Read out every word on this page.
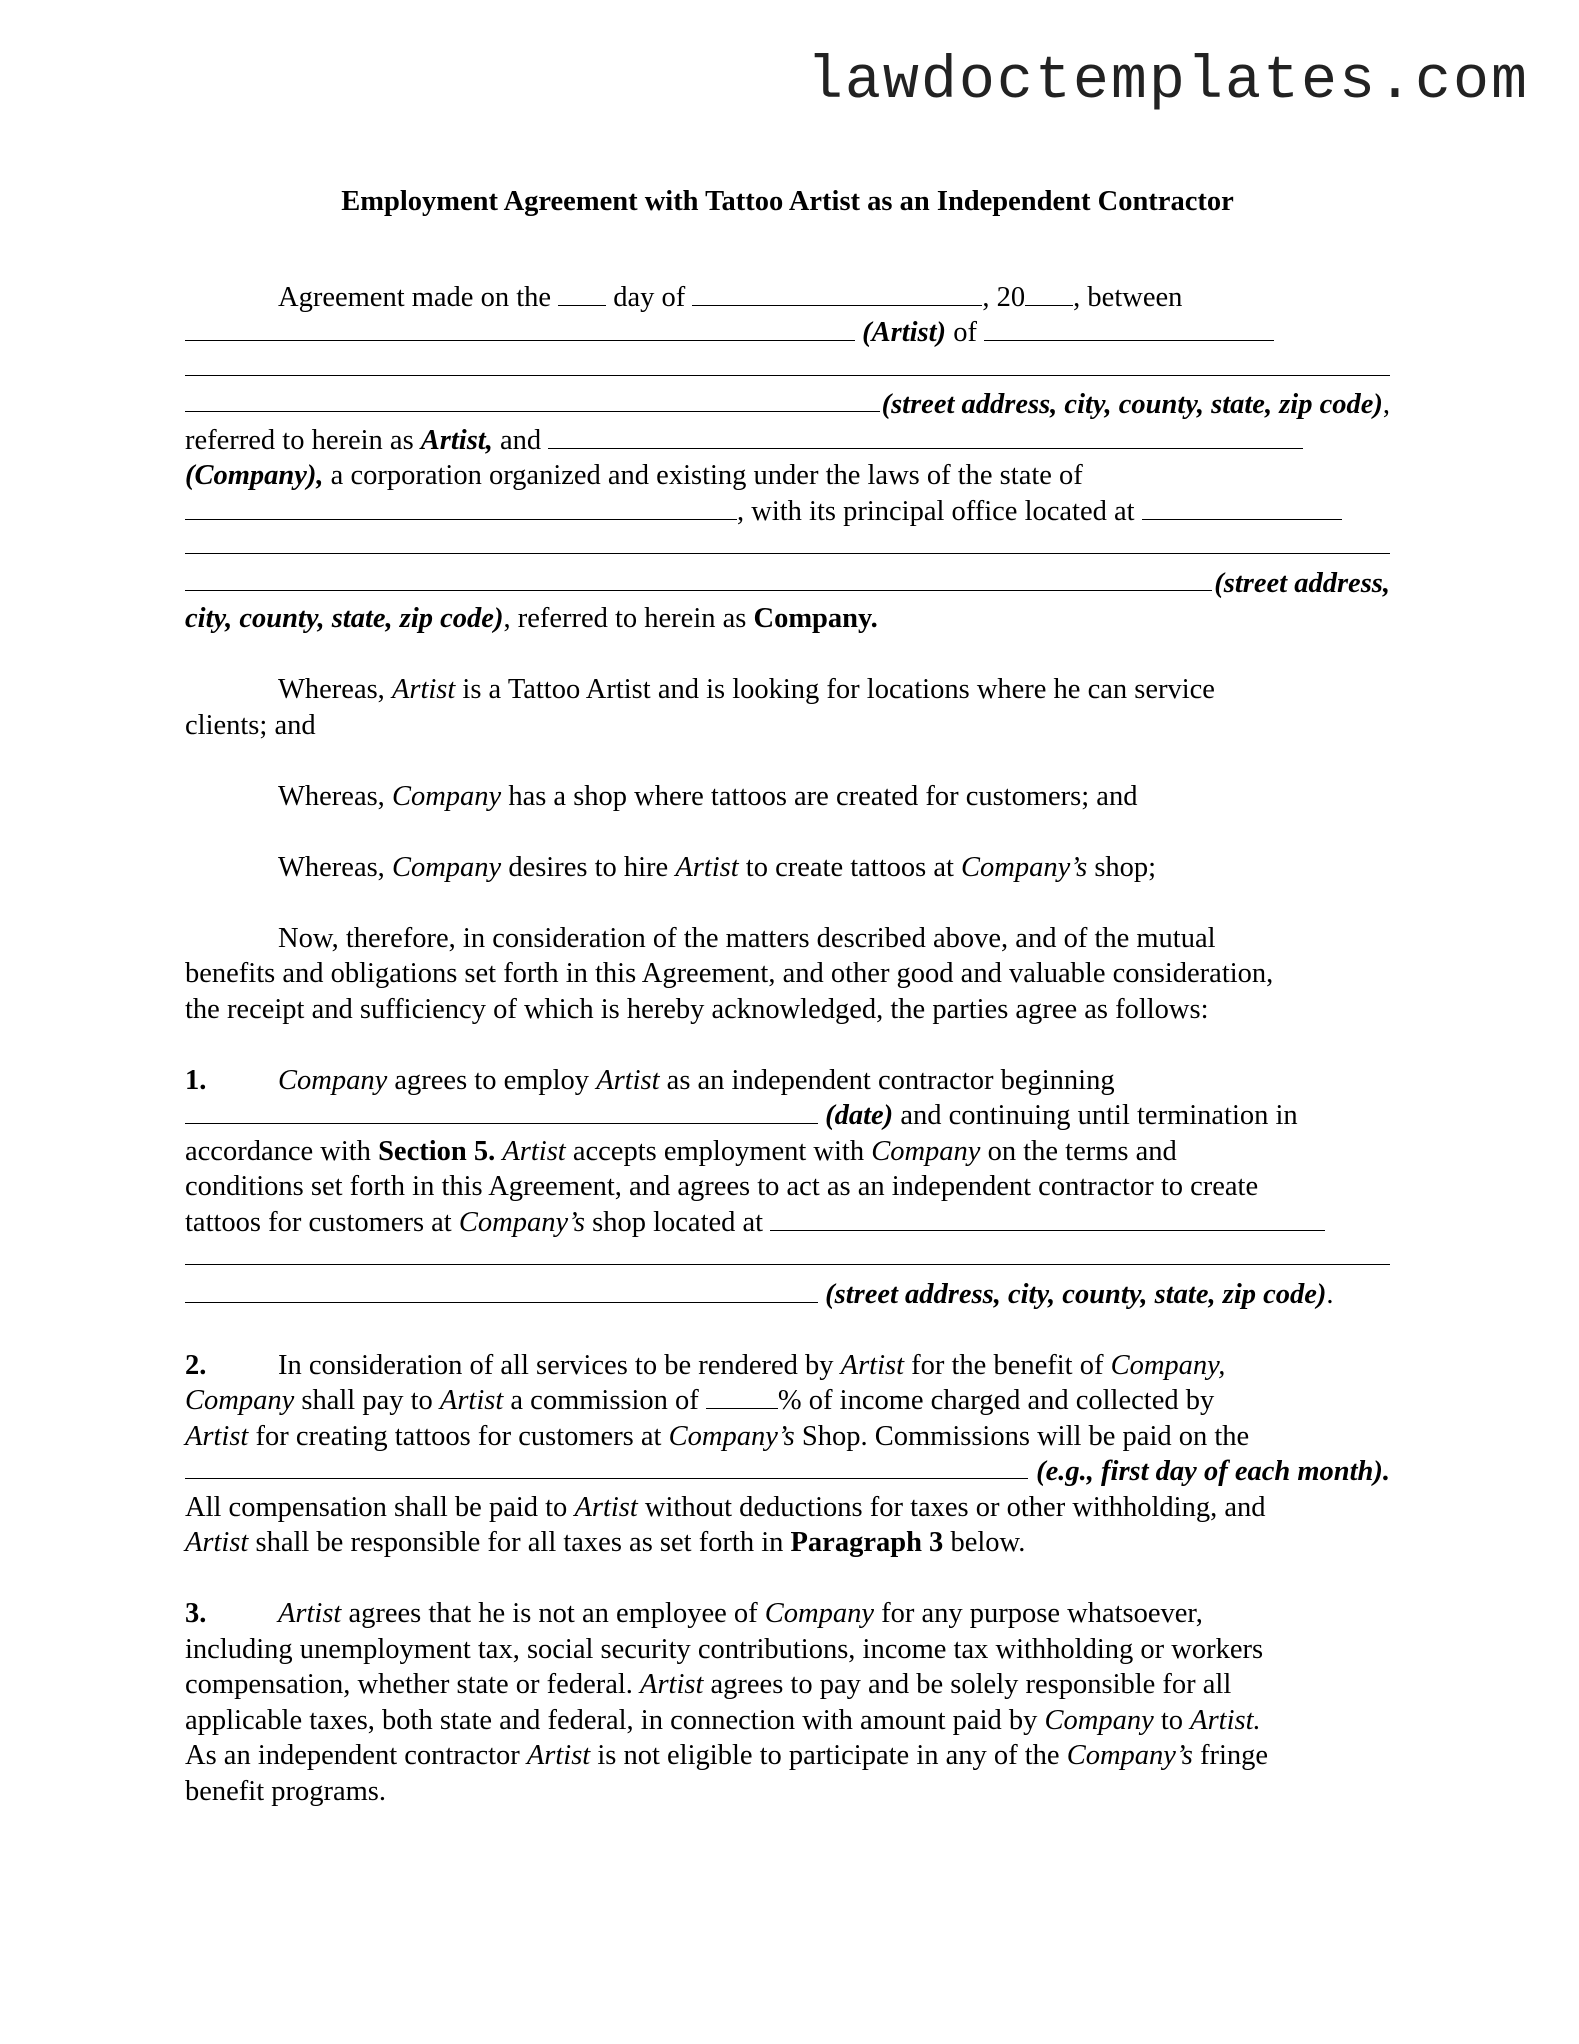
lawdoctemplates.com
Employment Agreement with Tattoo Artist as an Independent Contractor
Agreement made on the day of	, 20 , between
(Artist) of
(street address, city, county, state, zip code),
referred to herein as Artist, and
(Company), a corporation organized and existing under the laws of the state of
, with its principal office located at
(street address,
city, county, state, zip code), referred to herein as Company.
Whereas, Artist is a Tattoo Artist and is looking for locations where he can service
clients; and
Whereas, Company has a shop where tattoos are created for customers; and
Whereas, Company desires to hire Artist to create tattoos at Company’s shop;
Now, therefore, in consideration of the matters described above, and of the mutual
benefits and obligations set forth in this Agreement, and other good and valuable consideration,
the receipt and sufficiency of which is hereby acknowledged, the parties agree as follows:
1.	Company agrees to employ Artist as an independent contractor beginning
(date) and continuing until termination in
accordance with Section 5. Artist accepts employment with Company on the terms and
conditions set forth in this Agreement, and agrees to act as an independent contractor to create
tattoos for customers at Company’s shop located at
(street address, city, county, state, zip code).
2.	In consideration of all services to be rendered by Artist for the benefit of Company,
Company shall pay to Artist a commission of	% of income charged and collected by
Artist for creating tattoos for customers at Company’s Shop. Commissions will be paid on the
(e.g., first day of each month).
All compensation shall be paid to Artist without deductions for taxes or other withholding, and
Artist shall be responsible for all taxes as set forth in Paragraph 3 below.
3.	Artist agrees that he is not an employee of Company for any purpose whatsoever,
including unemployment tax, social security contributions, income tax withholding or workers
compensation, whether state or federal. Artist agrees to pay and be solely responsible for all
applicable taxes, both state and federal, in connection with amount paid by Company to Artist.
As an independent contractor Artist is not eligible to participate in any of the Company’s fringe
benefit programs.
